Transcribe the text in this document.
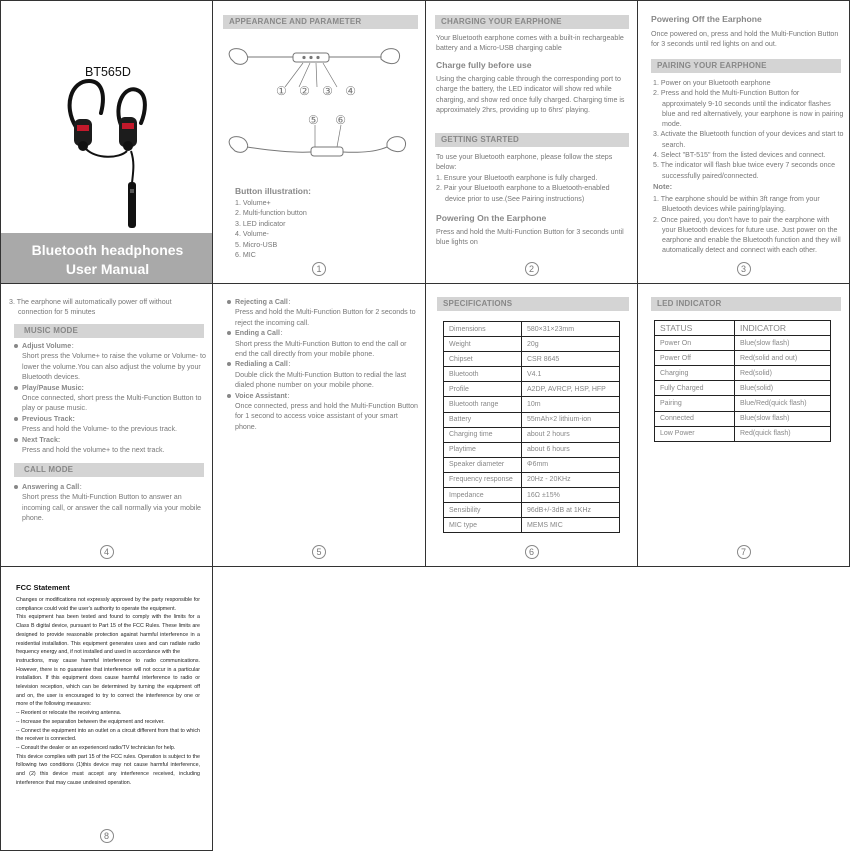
BT565D
Bluetooth headphones
User Manual
APPEARANCE AND PARAMETER
① ② ③ ④
⑤ ⑥
Button illustration:
1. Volume+
2. Multi-function button
3. LED indicator
4. Volume-
5. Micro-USB
6. MIC
1
CHARGING YOUR EARPHONE
Your Bluetooth earphone comes with a built-in rechargeable battery and a Micro-USB charging cable
Charge fully before use
Using the charging cable through the corresponding port to charge the battery, the LED indicator will show red while charging, and show red once fully charged. Charging time is approximately 2hrs, providing up to 6hrs' playing.
GETTING STARTED
To use your Bluetooth earphone, please follow the steps below:
1. Ensure your Bluetooth earphone is fully charged.
2. Pair your Bluetooth earphone to a Bluetooth-enabled device prior to use.(See Pairing instructions)
Powering On the Earphone
Press and hold the Multi-Function Button for 3 seconds until blue lights on
2
Powering Off the Earphone
Once powered on, press and hold the Multi-Function Button for 3 seconds until red lights on and out.
PAIRING YOUR EARPHONE
1. Power on your Bluetooth earphone
2. Press and hold the Multi-Function Button for approximately 9-10 seconds until the indicator flashes blue and red alternatively, your earphone is now in pairing mode.
3. Activate the Bluetooth function of your devices and start to search.
4. Select "BT-515" from the listed devices and connect.
5. The indicator will flash blue twice every 7 seconds once successfully paired/connected.
Note:
1. The earphone should be within 3ft range from your Bluetooth devices while pairing/playing.
2. Once paired, you don't have to pair the earphone with your Bluetooth devices for future use. Just power on the earphone and enable the Bluetooth function and they will automatically detect and connect with each other.
3
3. The earphone will automatically power off without connection for 5 minutes
MUSIC MODE
Adjust Volume：
Short press the Volume+ to raise the volume or Volume- to lower the volume.You can also adjust the volume by your Bluetooth devices.
Play/Pause Music:
Once connected, short press the Multi-Function Button to play or pause music.
Previous Track:
Press and hold the Volume- to the previous track.
Next Track:
Press and hold the volume+ to the next track.
CALL MODE
Answering a Call：
Short press the Multi-Function Button to answer an incoming call, or answer the call normally via your mobile phone.
4
Rejecting a Call：
Press and hold the Multi-Function Button for 2 seconds to reject the incoming call.
Ending a Call：
Short press the Multi-Function Button to end the call or end the call directly from your mobile phone.
Redialing a Call：
Double click the Multi-Function Button to redial the last dialed phone number on your mobile phone.
Voice Assistant：
Once connected, press and hold the Multi-Function Button for 1 second to access voice assistant of your smart phone.
5
SPECIFICATIONS
Dimensions	580×31×23mm
Weight	20g
Chipset	CSR 8645
Bluetooth	V4.1
Profile	A2DP, AVRCP, HSP, HFP
Bluetooth range	10m
Battery	55mAh×2 lithium-ion
Charging time	about 2 hours
Playtime	about 6 hours
Speaker diameter	Φ6mm
Frequency response	20Hz - 20KHz
Impedance	16Ω ±15%
Sensibility	96dB+/-3dB at 1KHz
MIC type	MEMS MIC
6
LED INDICATOR
STATUS	INDICATOR
Power On	Blue(slow flash)
Power Off	Red(solid and out)
Charging	Red(solid)
Fully Charged	Blue(solid)
Pairing	Blue/Red(quick flash)
Connected	Blue(slow flash)
Low Power	Red(quick flash)
7
FCC Statement

Changes or modifications not expressly approved by the party responsible for compliance could void the user's authority to operate the equipment.

This equipment has been tested and found to comply with the limits for a Class B digital device, pursuant to Part 15 of the FCC Rules. These limits are designed to provide reasonable protection against harmful interference in a residential installation. This equipment generates uses and can radiate radio frequency energy and, if not installed and used in accordance with the

instructions, may cause harmful interference to radio communications. However, there is no guarantee that interference will not occur in a particular installation. If this equipment does cause harmful interference to radio or television reception, which can be determined by turning the equipment off and on, the user is encouraged to try to correct the interference by one or more of the following measures:

-- Reorient or relocate the receiving antenna.

-- Increase the separation between the equipment and receiver.

-- Connect the equipment into an outlet on a circuit different from that to which the receiver is connected.

-- Consult the dealer or an experienced radio/TV technician for help.

This device complies with part 15 of the FCC rules. Operation is subject to the following two conditions (1)this device may not cause harmful interference, and (2) this device must accept any interference received, including interference that may cause undesired operation.

8
